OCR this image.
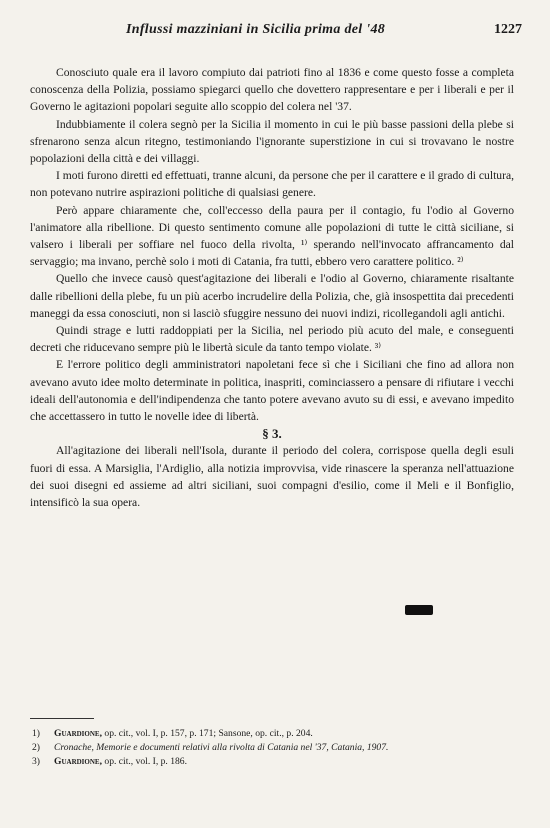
Influssi mazziniani in Sicilia prima del '48	1227

Conosciuto quale era il lavoro compiuto dai patrioti fino al 1836 e come questo fosse a completa conoscenza della Polizia, possiamo spiegarci quello che dovettero rappresentare e per i liberali e per il Governo le agitazioni popolari seguite allo scoppio del colera nel '37.

Indubbiamente il colera segnò per la Sicilia il momento in cui le più basse passioni della plebe si sfrenarono senza alcun ritegno, testimoniando l'ignorante superstizione in cui si trovavano le nostre popolazioni della città e dei villaggi.

I moti furono diretti ed effettuati, tranne alcuni, da persone che per il carattere e il grado di cultura, non potevano nutrire aspirazioni politiche di qualsiasi genere.

Però appare chiaramente che, coll'eccesso della paura per il contagio, fu l'odio al Governo l'animatore alla ribellione. Di questo sentimento comune alle popolazioni di tutte le città siciliane, si valsero i liberali per soffiare nel fuoco della rivolta, ¹⁾ sperando nell'invocato affrancamento dal servaggio; ma invano, perchè solo i moti di Catania, fra tutti, ebbero vero carattere politico. ²⁾

Quello che invece causò quest'agitazione dei liberali e l'odio al Governo, chiaramente risaltante dalle ribellioni della plebe, fu un più acerbo incrudelire della Polizia, che, già insospettita dai precedenti maneggi da essa conosciuti, non si lasciò sfuggire nessuno dei nuovi indizi, ricollegandoli agli antichi.

Quindi strage e lutti raddoppiati per la Sicilia, nel periodo più acuto del male, e conseguenti decreti che riducevano sempre più le libertà sicule da tanto tempo violate. ³⁾

E l'errore politico degli amministratori napoletani fece sì che i Siciliani che fino ad allora non avevano avuto idee molto determinate in politica, inaspriti, cominciassero a pensare di rifiutare i vecchi ideali dell'autonomia e dell'indipendenza che tanto potere avevano avuto su di essi, e avevano impedito che accettassero in tutto le novelle idee di libertà.

§ 3.

All'agitazione dei liberali nell'Isola, durante il periodo del colera, corrispose quella degli esuli fuori di essa. A Marsiglia, l'Ardiglio, alla notizia improvvisa, vide rinascere la speranza nell'attuazione dei suoi disegni ed assieme ad altri siciliani, suoi compagni d'esilio, come il Meli e il Bonfiglio, intensificò la sua opera.

1)	Guardione, op. cit., vol. I, p. 157, p. 171; Sansone, op. cit., p. 204.
2)	Cronache, Memorie e documenti relativi alla rivolta di Catania nel '37, Catania, 1907.
3)	Guardione, op. cit., vol. I, p. 186.
